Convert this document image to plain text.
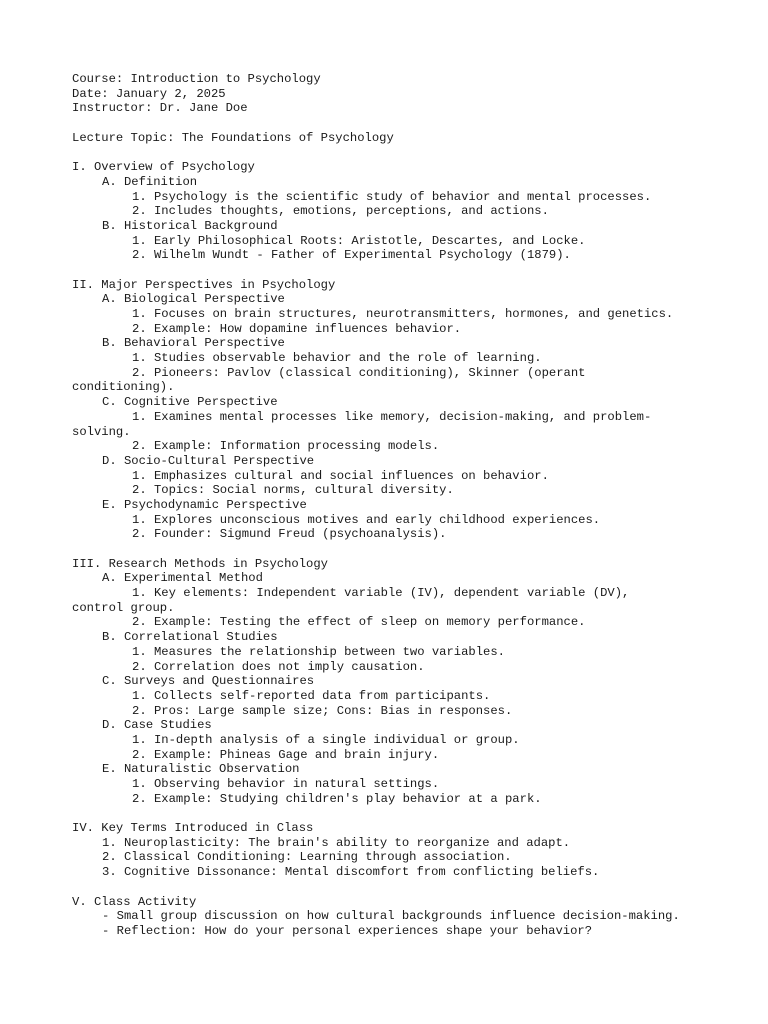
Course: Introduction to Psychology
Date: January 2, 2025
Instructor: Dr. Jane Doe
Lecture Topic: The Foundations of Psychology
I. Overview of Psychology
A. Definition
1. Psychology is the scientific study of behavior and mental processes.
2. Includes thoughts, emotions, perceptions, and actions.
B. Historical Background
1. Early Philosophical Roots: Aristotle, Descartes, and Locke.
2. Wilhelm Wundt - Father of Experimental Psychology (1879).
II. Major Perspectives in Psychology
A. Biological Perspective
1. Focuses on brain structures, neurotransmitters, hormones, and genetics.
2. Example: How dopamine influences behavior.
B. Behavioral Perspective
1. Studies observable behavior and the role of learning.
2. Pioneers: Pavlov (classical conditioning), Skinner (operant
conditioning).
C. Cognitive Perspective
1. Examines mental processes like memory, decision-making, and problem-
solving.
2. Example: Information processing models.
D. Socio-Cultural Perspective
1. Emphasizes cultural and social influences on behavior.
2. Topics: Social norms, cultural diversity.
E. Psychodynamic Perspective
1. Explores unconscious motives and early childhood experiences.
2. Founder: Sigmund Freud (psychoanalysis).
III. Research Methods in Psychology
A. Experimental Method
1. Key elements: Independent variable (IV), dependent variable (DV),
control group.
2. Example: Testing the effect of sleep on memory performance.
B. Correlational Studies
1. Measures the relationship between two variables.
2. Correlation does not imply causation.
C. Surveys and Questionnaires
1. Collects self-reported data from participants.
2. Pros: Large sample size; Cons: Bias in responses.
D. Case Studies
1. In-depth analysis of a single individual or group.
2. Example: Phineas Gage and brain injury.
E. Naturalistic Observation
1. Observing behavior in natural settings.
2. Example: Studying children's play behavior at a park.
IV. Key Terms Introduced in Class
1. Neuroplasticity: The brain's ability to reorganize and adapt.
2. Classical Conditioning: Learning through association.
3. Cognitive Dissonance: Mental discomfort from conflicting beliefs.
V. Class Activity
- Small group discussion on how cultural backgrounds influence decision-making.
- Reflection: How do your personal experiences shape your behavior?
